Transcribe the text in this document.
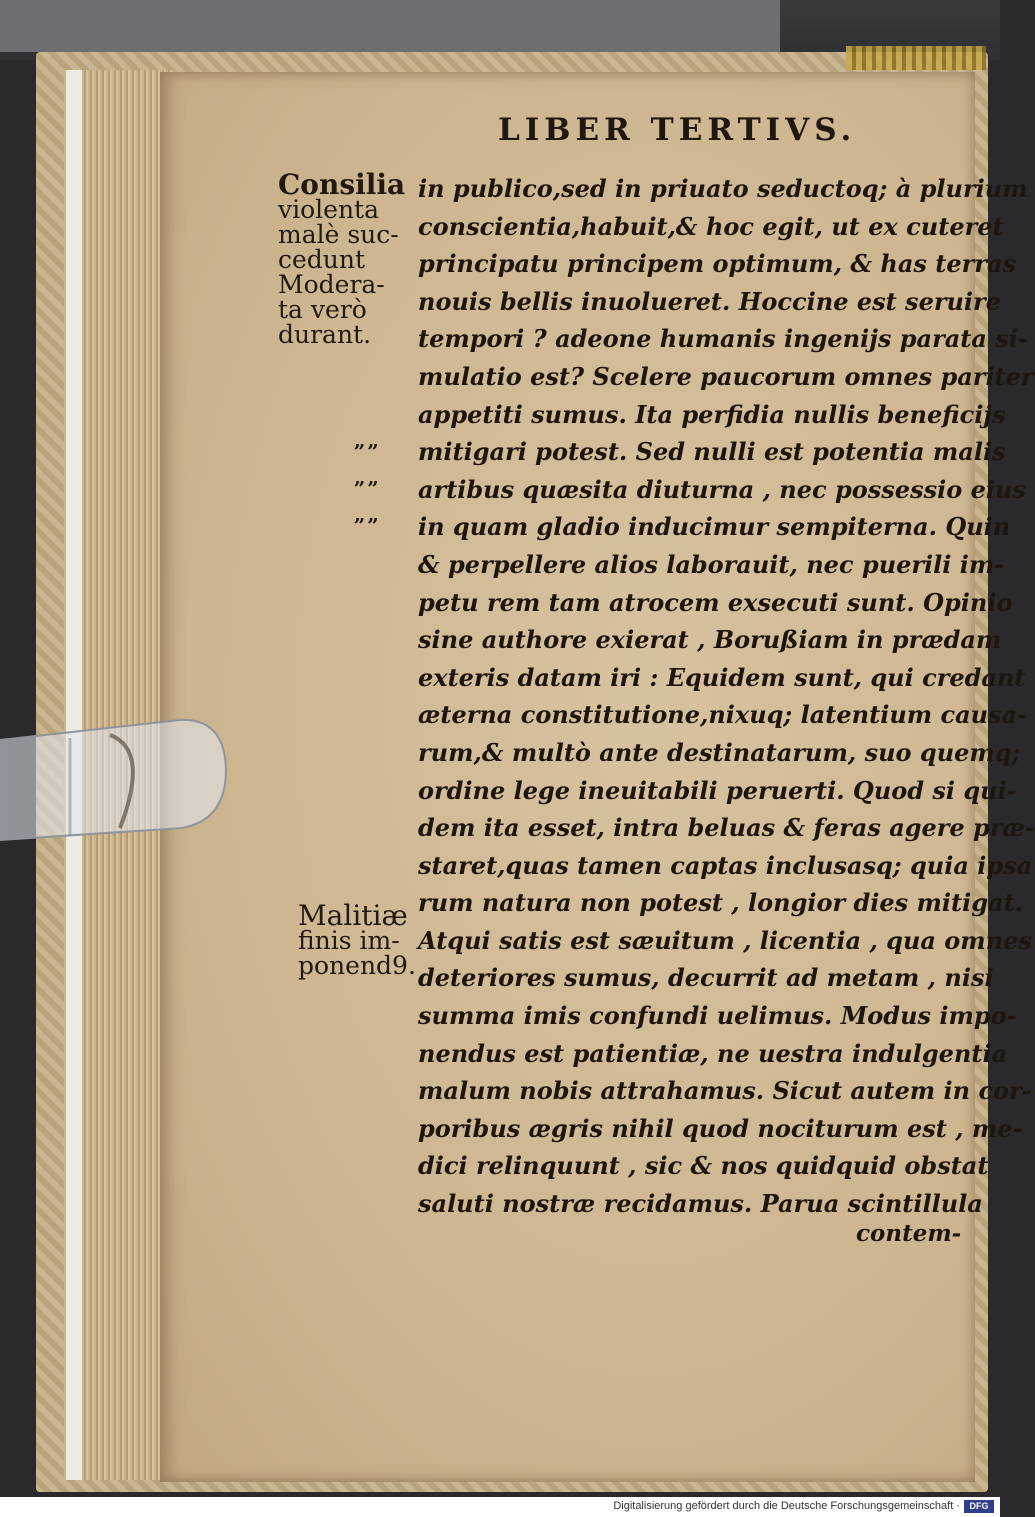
LIBER TERTIVS.
Consilia
violenta
malè suc-
cedunt
Modera-
ta verò
durant.
„„
„„
„„
Malitiæ
finis im-
ponend9.
in publico,sed in priuato seductoq; à plurium
conscientia,habuit,& hoc egit, ut ex cuteret
principatu principem optimum, & has terras
nouis bellis inuolueret. Hoccine est seruire
tempori ? adeone humanis ingenijs parata si-
mulatio est? Scelere paucorum omnes pariter
appetiti sumus. Ita perfidia nullis beneficijs
mitigari potest. Sed nulli est potentia malis
artibus quæsita diuturna , nec possessio eius
in quam gladio inducimur sempiterna. Quin
& perpellere alios laborauit, nec puerili im-
petu rem tam atrocem exsecuti sunt. Opinio
sine authore exierat , Borußiam in prædam
exteris datam iri : Equidem sunt, qui credant
æterna constitutione,nixuq; latentium causa-
rum,& multò ante destinatarum, suo quemq;
ordine lege ineuitabili peruerti. Quod si qui-
dem ita esset, intra beluas & feras agere præ-
staret,quas tamen captas inclusasq; quia ipsa
rum natura non potest , longior dies mitigat.
Atqui satis est sæuitum , licentia , qua omnes
deteriores sumus, decurrit ad metam , nisi
summa imis confundi uelimus. Modus impo-
nendus est patientiæ, ne uestra indulgentia
malum nobis attrahamus. Sicut autem in cor-
poribus ægris nihil quod nociturum est , me-
dici relinquunt , sic & nos quidquid obstat
saluti nostræ recidamus. Parua scintillula
contem-
Digitalisierung gefördert durch die Deutsche Forschungsgemeinschaft ·	DFG
